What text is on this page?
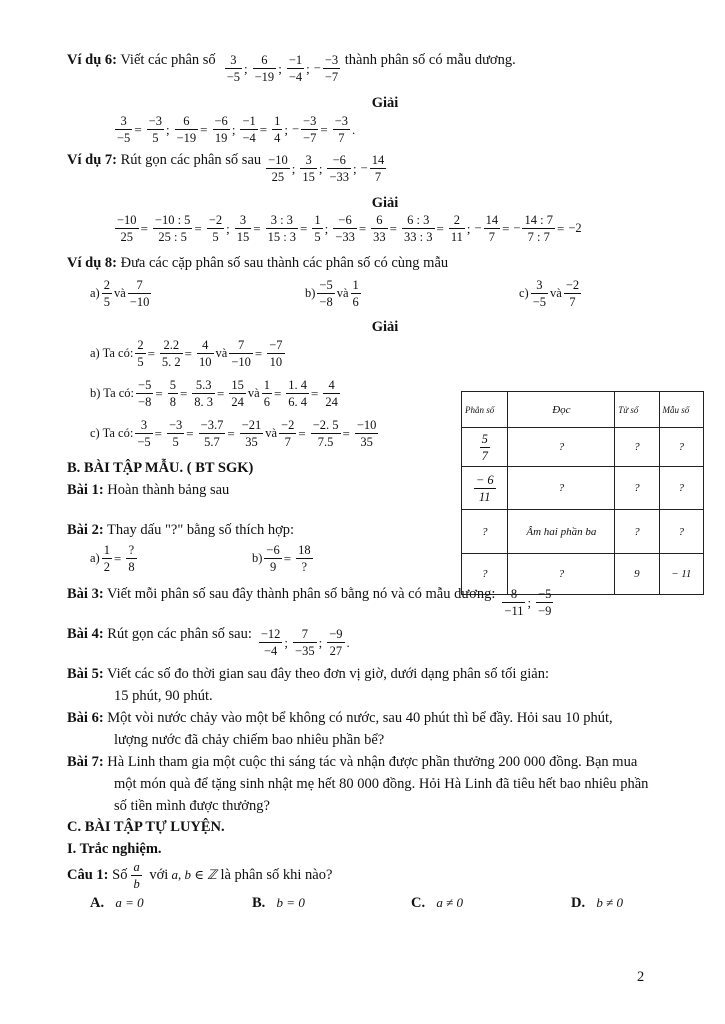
Ví dụ 6: Viết các phân số $\frac{3}{-5}$ ; $\frac{6}{-19}$ ; $\frac{-1}{-4}$ ; − $\frac{-3}{-7}$ thành phân số có mẫu dương.
Giải
$\frac{3}{-5} = \frac{-3}{5}$ ; $\frac{6}{-19} = \frac{-6}{19}$ ; $\frac{-1}{-4} = \frac{1}{4}$ ; − $\frac{-3}{-7} = \frac{-3}{7}$ .
Ví dụ 7: Rút gọn các phân số sau $\frac{-10}{25}$ ; $\frac{3}{15}$ ; $\frac{-6}{-33}$ ; − $\frac{14}{7}$
Giải
$\frac{-10}{25} = \frac{-10 : 5}{25 : 5} = \frac{-2}{5}$ ; $\frac{3}{15} = \frac{3 : 3}{15 : 3} = \frac{1}{5}$ ; $\frac{-6}{-33} = \frac{6}{33} = \frac{6 : 3}{33 : 3} = \frac{2}{11}$ ; − $\frac{14}{7}$ = − $\frac{14 : 7}{7 : 7} = -2$
Ví dụ 8: Đưa các cặp phân số sau thành các phân số có cùng mẫu
$a) \frac{2}{5}$ và $\frac{7}{-10}$	$b) \frac{-5}{-8}$ và $\frac{1}{6}$	$c) \frac{3}{-5}$ và $\frac{-2}{7}$
Giải
a) Ta có: $\frac{2}{5} = \frac{2.2}{5. 2} = \frac{4}{10}$ và $\frac{7}{-10} = \frac{-7}{10}$
b) Ta có: $\frac{-5}{-8} = \frac{5}{8} = \frac{5.3}{8. 3} = \frac{15}{24}$ và $\frac{1}{6} = \frac{1. 4}{6. 4} = \frac{4}{24}$
c) Ta có: $\frac{3}{-5} = \frac{-3}{5} = \frac{-3.7}{5.7} = \frac{-21}{35}$ và $\frac{-2}{7} = \frac{-2. 5}{7.5} = \frac{-10}{35}$
B. BÀI TẬP MẪU. ( BT SGK)
Bài 1: Hoàn thành bảng sau
Phân số	Đọc	Tử số	Mẫu số

$\frac{5}{7}$	?	?	?

$\frac{- 6}{11}$	?	?	?
?	Âm hai phần ba	?	?
?	?	9	− 11
Bài 2: Thay dấu "?" bằng số thích hợp:
$a) \frac{1}{2} = \frac{?}{8}$	$b) \frac{-6}{9} = \frac{18}{?}$
Bài 3: Viết mỗi phân số sau đây thành phân số bằng nó và có mẫu dương: $\frac{8}{-11}$ ; $\frac{-5}{-9}$
Bài 4: Rút gọn các phân số sau: $\frac{-12}{-4}$ ; $\frac{7}{-35}$ ; $\frac{-9}{27}$ .
Bài 5: Viết các số đo thời gian sau đây theo đơn vị giờ, dưới dạng phân số tối giản:
15 phút, 90 phút.
Bài 6: Một vòi nước chảy vào một bể không có nước, sau 40 phút thì bể đầy. Hỏi sau 10 phút,
lượng nước đã chảy chiếm bao nhiêu phần bể?
Bài 7: Hà Linh tham gia một cuộc thi sáng tác và nhận được phần thưởng 200 000 đồng. Bạn mua
một món quà để tặng sinh nhật mẹ hết 80 000 đồng. Hỏi Hà Linh đã tiêu hết bao nhiêu phần
số tiền mình được thưởng?
C. BÀI TẬP TỰ LUYỆN.
I. Trắc nghiệm.
Câu 1: Số $\frac{a}{b}$ với a, b ∈ ℤ là phân số khi nào?
A. a = 0	B. b = 0	C. a ≠ 0	D. b ≠ 0
2
